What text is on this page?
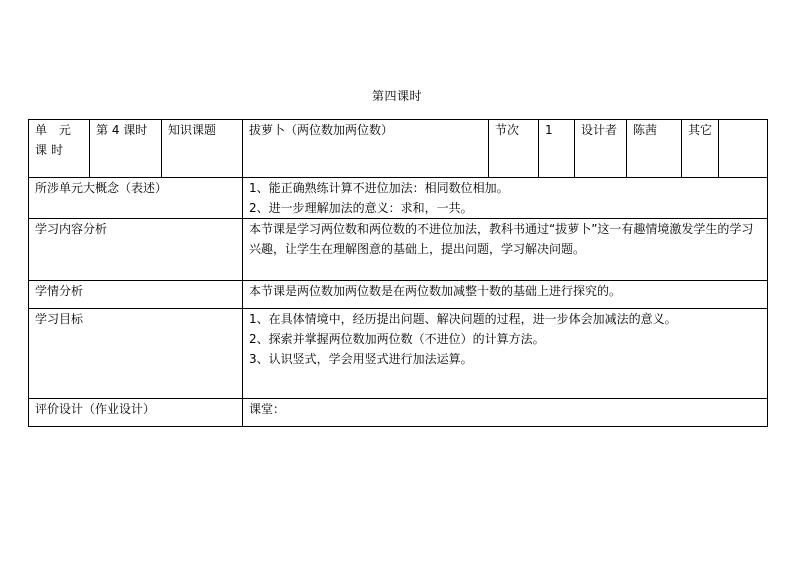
第四课时
单 元 课时	第 4 课时	知识课题	拔萝卜（两位数加两位数）	节次	1	设计者	陈茜	其它	
所涉单元大概念（表述）			1、能正确熟练计算不进位加法：相同数位相加。
2、进一步理解加法的意义：求和，一共。						

学习内容分析			本节课是学习两位数和两位数的不进位加法，教科书通过“拔萝卜”这一有趣情境激发学生的学习兴趣，让学生在理解图意的基础上，提出问题，学习解决问题。						
学情分析			本节课是两位数加两位数是在两位数加减整十数的基础上进行探究的。						
学习目标			1、在具体情境中，经历提出问题、解决问题的过程，进一步体会加减法的意义。
2、探索并掌握两位数加两位数（不进位）的计算方法。
3、认识竖式，学会用竖式进行加法运算。						

评价设计（作业设计）			课堂：						
